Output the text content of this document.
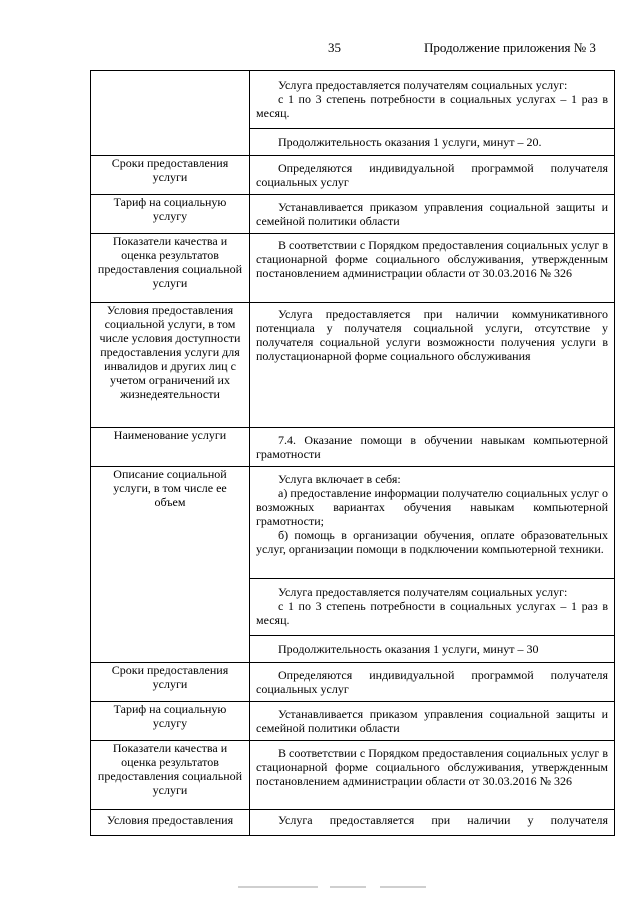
35	Продолжение приложения № 3

	Услуга предоставляется получателям социальных услуг:

с 1 по 3 степень потребности в социальных услугах – 1 раз в месяц.

	Продолжительность оказания 1 услуги, минут – 20.

Сроки предоставления услуги	Определяются индивидуальной программой получателя социальных услуг

Тариф на социальную услугу	Устанавливается приказом управления социальной защиты и семейной политики области

Показатели качества и оценка результатов предоставления социальной услуги	В соответствии с Порядком предоставления социальных услуг в стационарной форме социального обслуживания, утвержденным постановлением администрации области от 30.03.2016 № 326

Условия предоставления социальной услуги, в том числе условия доступности предоставления услуги для инвалидов и других лиц с учетом ограничений их жизнедеятельности	Услуга предоставляется при наличии коммуникативного потенциала у получателя социальной услуги, отсутствие у получателя социальной услуги возможности получения услуги в полустационарной форме социального обслуживания

Наименование услуги	7.4. Оказание помощи в обучении навыкам компьютерной грамотности

Описание социальной услуги, в том числе ее объем	Услуга включает в себя:

а) предоставление информации получателю социальных услуг о возможных вариантах обучения навыкам компьютерной грамотности;

б) помощь в организации обучения, оплате образовательных услуг, организации помощи в подключении компьютерной техники.

	Услуга предоставляется получателям социальных услуг:

с 1 по 3 степень потребности в социальных услугах – 1 раз в месяц.

	Продолжительность оказания 1 услуги, минут – 30

Сроки предоставления услуги	Определяются индивидуальной программой получателя социальных услуг

Тариф на социальную услугу	Устанавливается приказом управления социальной защиты и семейной политики области

Показатели качества и оценка результатов предоставления социальной услуги	В соответствии с Порядком предоставления социальных услуг в стационарной форме социального обслуживания, утвержденным постановлением администрации области от 30.03.2016 № 326

Условия предоставления	Услуга предоставляется при наличии у получателя
